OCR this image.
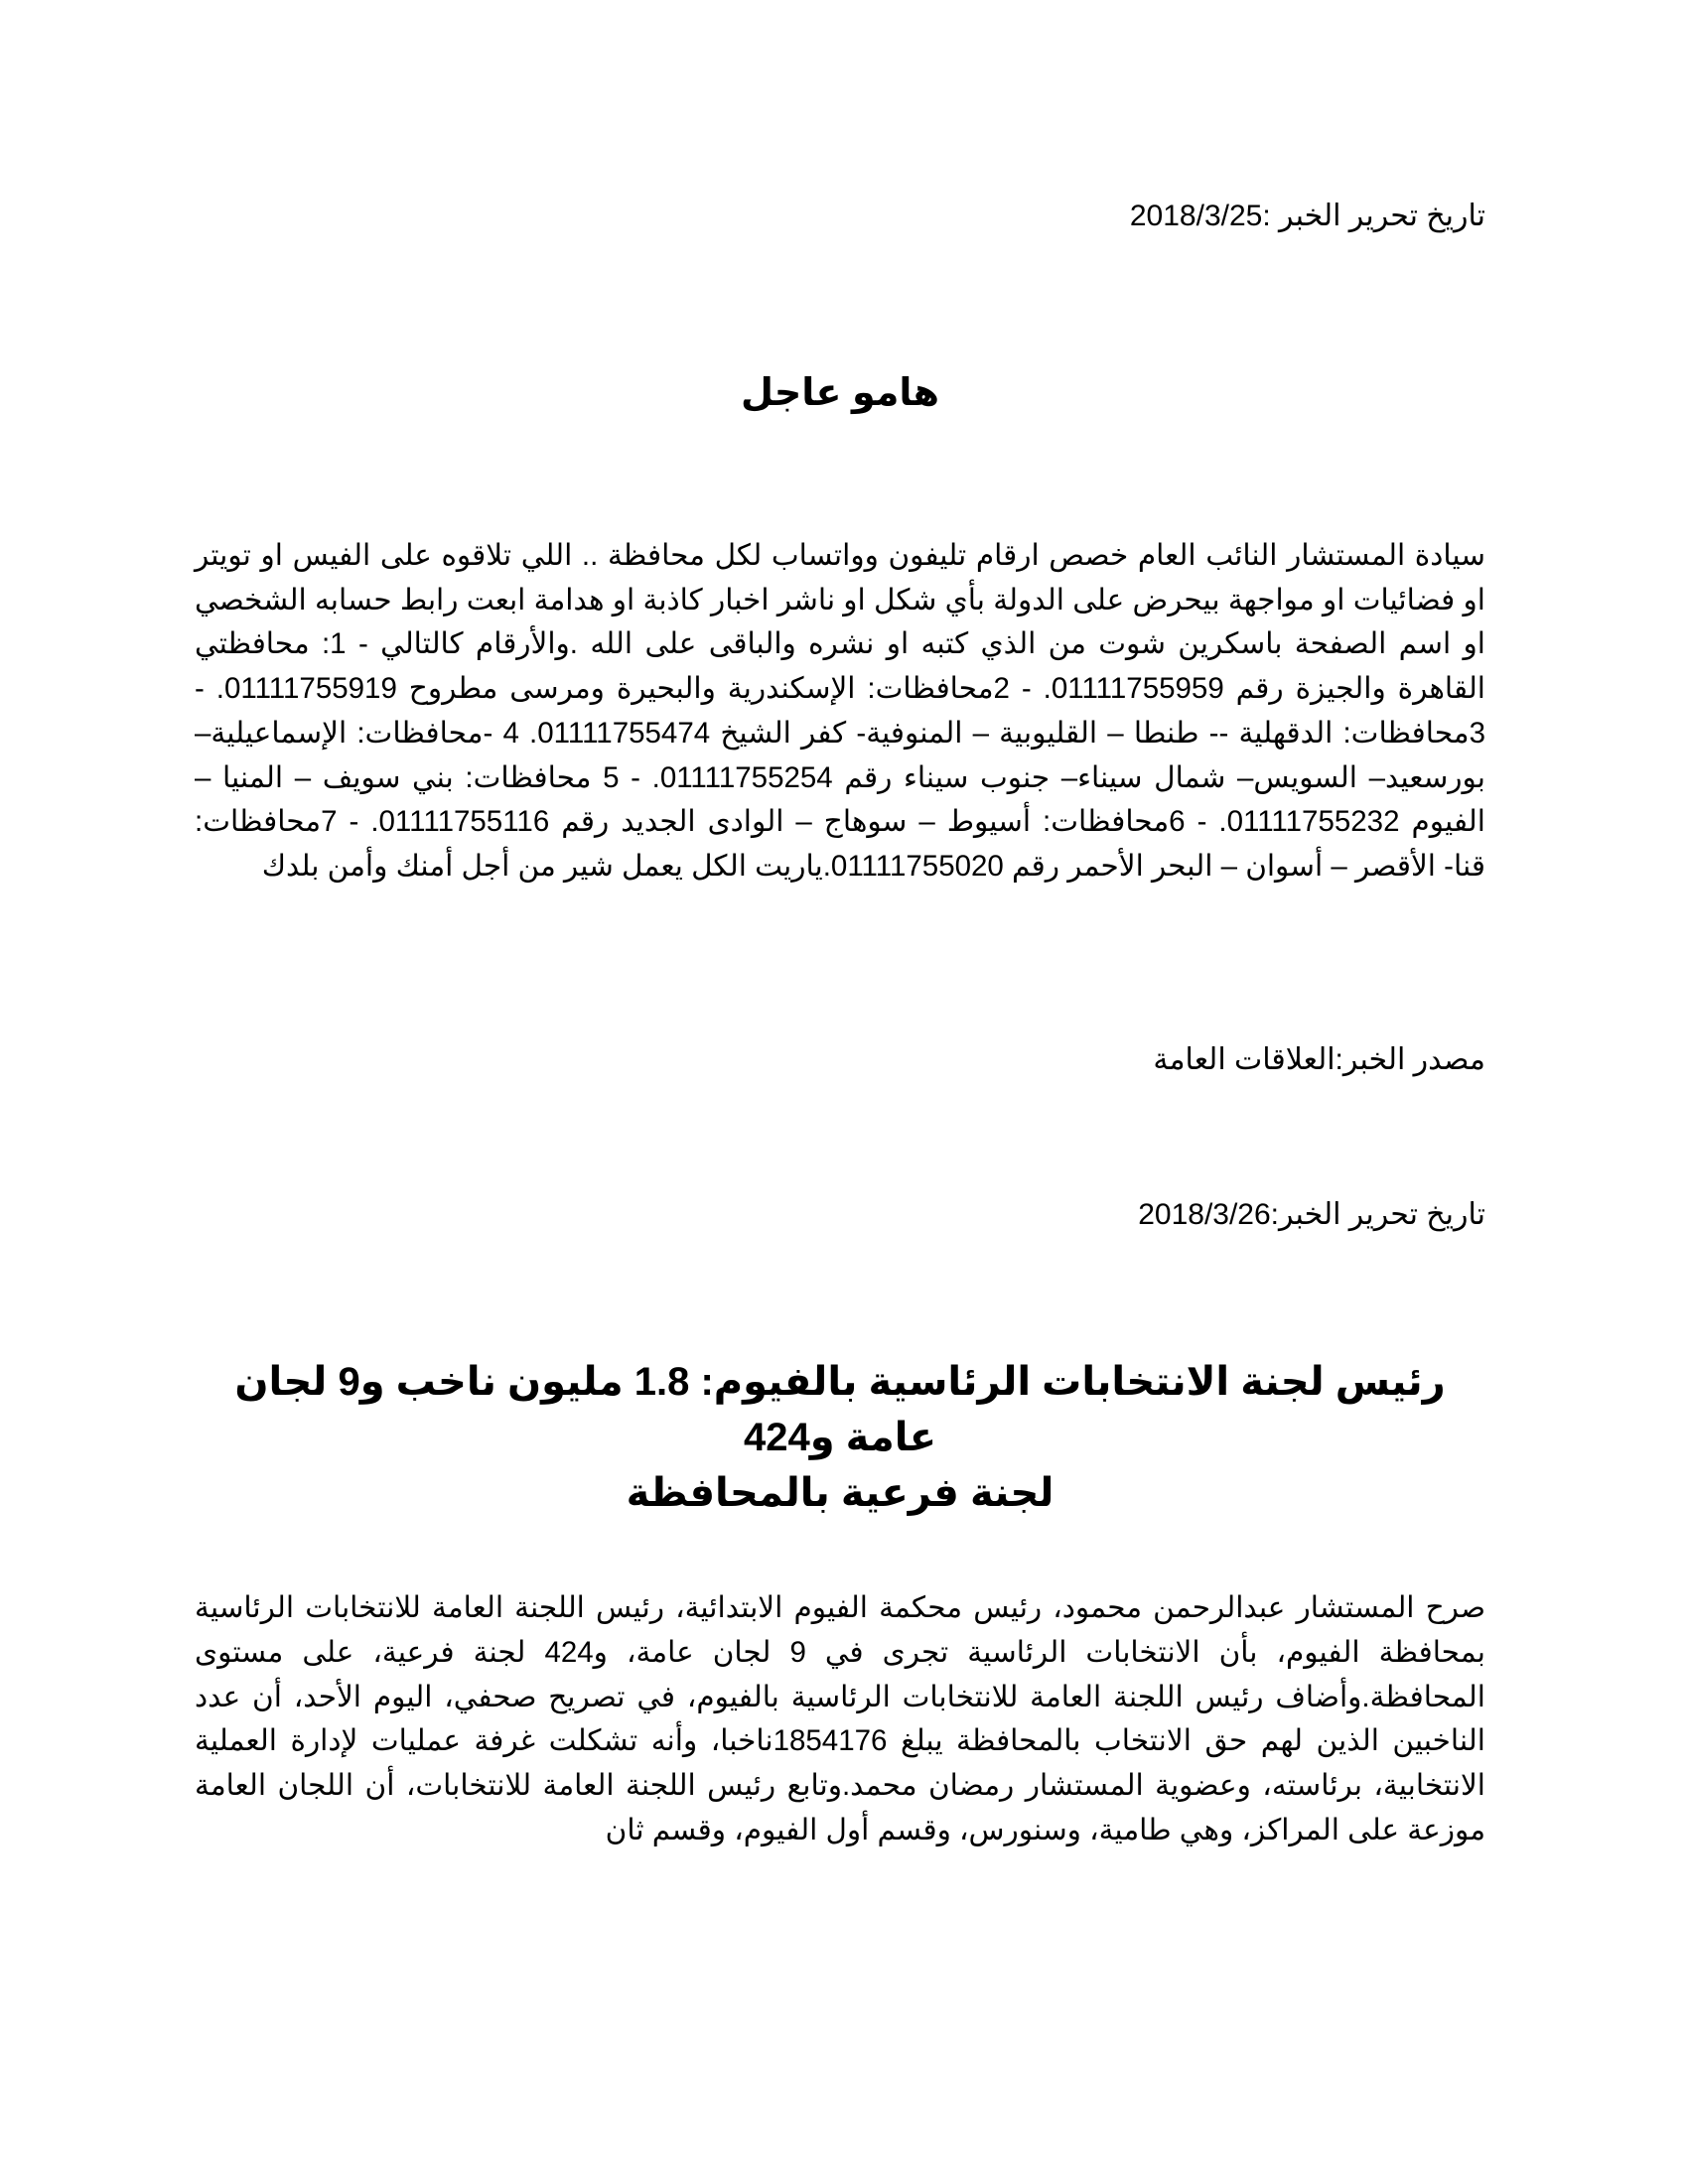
تاريخ تحرير الخبر :2018/3/25
هامو عاجل
سيادة المستشار النائب العام خصص ارقام تليفون وواتساب لكل محافظة .. اللي تلاقوه على الفيس او تويتر او فضائيات او مواجهة بيحرض على الدولة بأي شكل او ناشر اخبار كاذبة او هدامة ابعت رابط حسابه الشخصي او اسم الصفحة باسكرين شوت من الذي كتبه او نشره والباقى على الله .والأرقام كالتالي - 1: محافظتي القاهرة والجيزة رقم 01111755959. - 2محافظات: الإسكندرية والبحيرة ومرسى مطروح 01111755919. - 3محافظات: الدقهلية -- طنطا – القليوبية – المنوفية- كفر الشيخ 01111755474. 4 -محافظات: الإسماعيلية– بورسعيد– السويس– شمال سيناء– جنوب سيناء رقم 01111755254. - 5 محافظات: بني سويف – المنيا – الفيوم 01111755232. - 6محافظات: أسيوط – سوهاج – الوادى الجديد رقم 01111755116. - 7محافظات: قنا- الأقصر – أسوان – البحر الأحمر رقم 01111755020.ياريت الكل يعمل شير من أجل أمنك وأمن بلدك
مصدر الخبر:العلاقات العامة
تاريخ تحرير الخبر:2018/3/26
رئيس لجنة الانتخابات الرئاسية بالفيوم: 1.8 مليون ناخب و9 لجان عامة و424
لجنة فرعية بالمحافظة
صرح المستشار عبدالرحمن محمود، رئيس محكمة الفيوم الابتدائية، رئيس اللجنة العامة للانتخابات الرئاسية بمحافظة الفيوم، بأن الانتخابات الرئاسية تجرى في 9 لجان عامة، و424 لجنة فرعية، على مستوى المحافظة.وأضاف رئيس اللجنة العامة للانتخابات الرئاسية بالفيوم، في تصريح صحفي، اليوم الأحد، أن عدد الناخبين الذين لهم حق الانتخاب بالمحافظة يبلغ 1854176ناخبا، وأنه تشكلت غرفة عمليات لإدارة العملية الانتخابية، برئاسته، وعضوية المستشار رمضان محمد.وتابع رئيس اللجنة العامة للانتخابات، أن اللجان العامة موزعة على المراكز، وهي طامية، وسنورس، وقسم أول الفيوم، وقسم ثان
